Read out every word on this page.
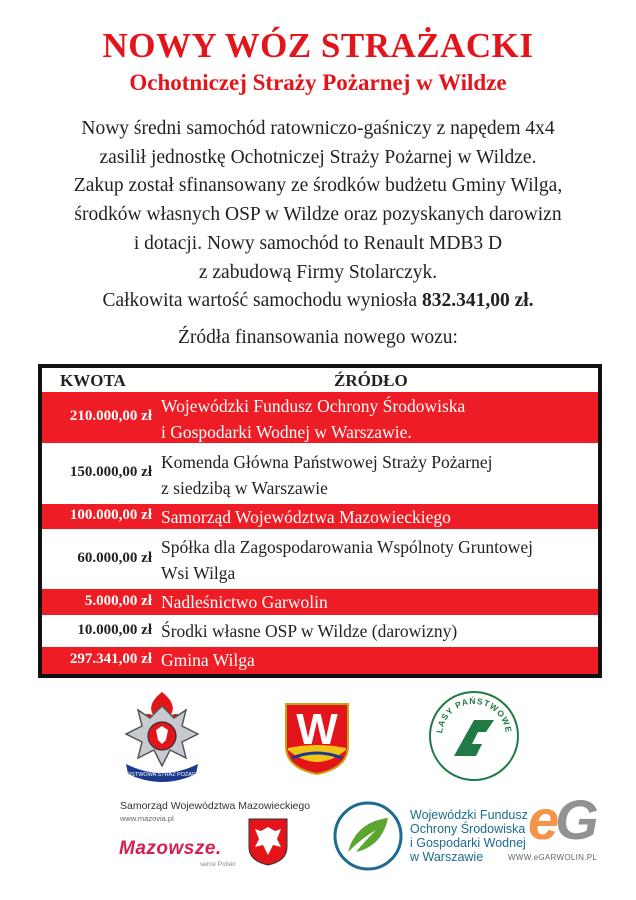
NOWY WÓZ STRAŻACKI
Ochotniczej Straży Pożarnej w Wildze
Nowy średni samochód ratowniczo-gaśniczy z napędem 4x4
zasilił jednostkę Ochotniczej Straży Pożarnej w Wildze.
Zakup został sfinansowany ze środków budżetu Gminy Wilga,
środków własnych OSP w Wildze oraz pozyskanych darowizn
i dotacji. Nowy samochód to Renault MDB3 D
z zabudową Firmy Stolarczyk.
Całkowita wartość samochodu wyniosła 832.341,00 zł.
Źródła finansowania nowego wozu:
KWOTA	ŹRÓDŁO
210.000,00 zł Wojewódzki Fundusz Ochrony Środowiska
i Gospodarki Wodnej w Warszawie.
150.000,00 zł Komenda Główna Państwowej Straży Pożarnej
z siedzibą w Warszawie
100.000,00 zł Samorząd Województwa Mazowieckiego
60.000,00 zł
Spółka dla Zagospodarowania Wspólnoty Gruntowej
Wsi Wilga
5.000,00 zł Nadleśnictwo Garwolin
10.000,00 zł Środki własne OSP w Wildze (darowizny)
297.341,00 zł Gmina Wilga
PAŃSTWOWA STRAŻ POŻARNA
W	LASY PAŃSTWOWE
Samorząd Województwa Mazowieckiego
www.mazovia.pl
Mazowsze.
serce Polski
Wojewódzki Fundusz
Ochrony Środowiska
i Gospodarki Wodnej
w Warszawie
eG
WWW.eGARWOLIN.PL
